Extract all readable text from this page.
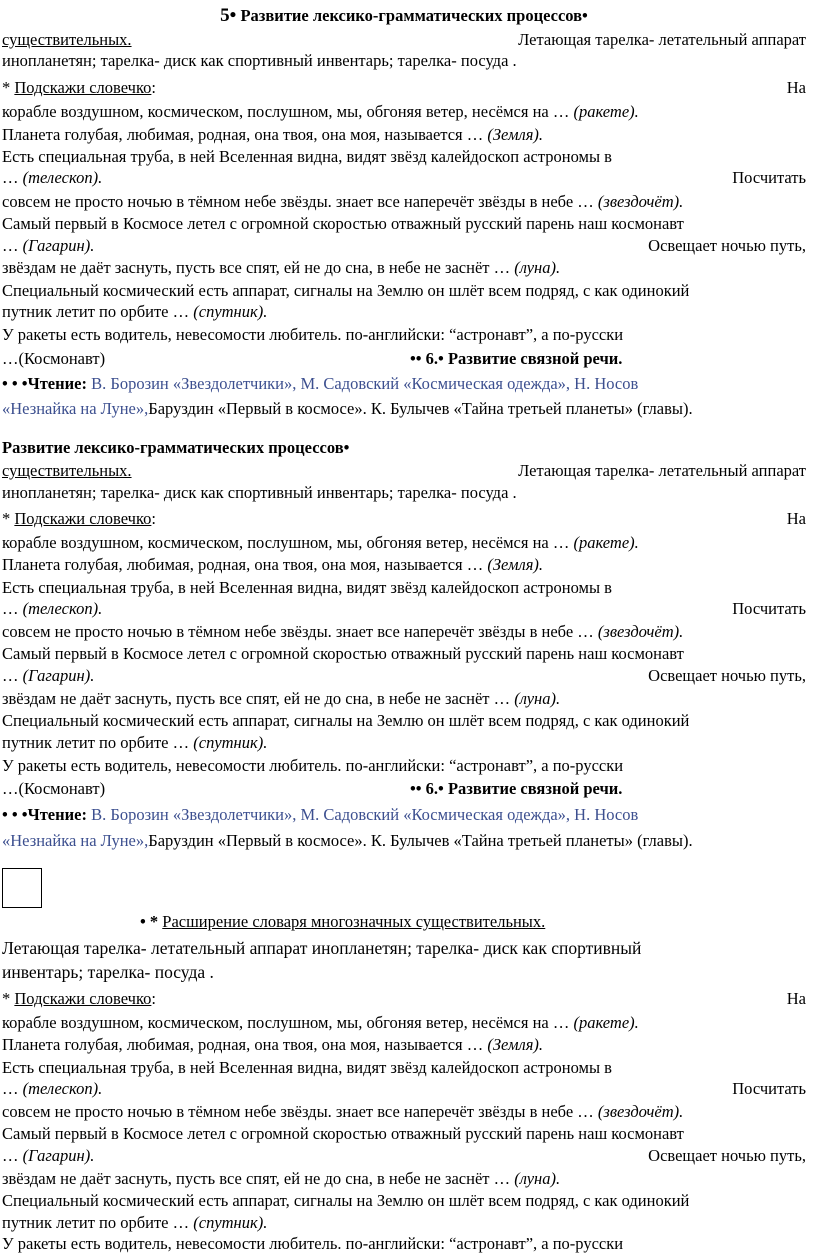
5• Развитие лексико-грамматических процессов•
существительных.	Летающая тарелка- летательный аппарат
инопланетян; тарелка- диск как спортивный инвентарь; тарелка- посуда .
* Подскажи словечко:	На
корабле воздушном, космическом, послушном, мы, обгоняя ветер, несёмся на … (ракете).
Планета голубая, любимая, родная, она твоя, она моя, называется … (Земля).
Есть специальная труба, в ней Вселенная видна, видят звёзд калейдоскоп астрономы в
… (телескоп).	Посчитать
совсем не просто ночью в тёмном небе звёзды. знает все наперечёт звёзды в небе … (звездочёт).
Самый первый в Космосе летел с огромной скоростью отважный русский парень наш космонавт
… (Гагарин).	Освещает ночью путь,
звёздам не даёт заснуть, пусть все спят, ей не до сна, в небе не заснёт … (луна).
Специальный космический есть аппарат, сигналы на Землю он шлёт всем подряд, с как одинокий
путник летит по орбите … (спутник).
У ракеты есть водитель, невесомости любитель. по-английски: “астронавт”, а по-русски
…(Космонавт)	•• 6.• Развитие связной речи.
• • •Чтение: В. Борозин «Звездолетчики», М. Садовский «Космическая одежда», Н. Носов
«Незнайка на Луне»,Баруздин «Первый в космосе». К. Булычев «Тайна третьей планеты» (главы).
Развитие лексико-грамматических процессов•
существительных.	Летающая тарелка- летательный аппарат
инопланетян; тарелка- диск как спортивный инвентарь; тарелка- посуда .
* Подскажи словечко:	На
корабле воздушном, космическом, послушном, мы, обгоняя ветер, несёмся на … (ракете).
Планета голубая, любимая, родная, она твоя, она моя, называется … (Земля).
Есть специальная труба, в ней Вселенная видна, видят звёзд калейдоскоп астрономы в
… (телескоп).	Посчитать
совсем не просто ночью в тёмном небе звёзды. знает все наперечёт звёзды в небе … (звездочёт).
Самый первый в Космосе летел с огромной скоростью отважный русский парень наш космонавт
… (Гагарин).	Освещает ночью путь,
звёздам не даёт заснуть, пусть все спят, ей не до сна, в небе не заснёт … (луна).
Специальный космический есть аппарат, сигналы на Землю он шлёт всем подряд, с как одинокий
путник летит по орбите … (спутник).
У ракеты есть водитель, невесомости любитель. по-английски: “астронавт”, а по-русски
…(Космонавт)	•• 6.• Развитие связной речи.
• • •Чтение: В. Борозин «Звездолетчики», М. Садовский «Космическая одежда», Н. Носов
«Незнайка на Луне»,Баруздин «Первый в космосе». К. Булычев «Тайна третьей планеты» (главы).
• * Расширение словаря многозначных существительных.
Летающая тарелка- летательный аппарат инопланетян; тарелка- диск как спортивный
инвентарь; тарелка- посуда .
* Подскажи словечко:	На
корабле воздушном, космическом, послушном, мы, обгоняя ветер, несёмся на … (ракете).
Планета голубая, любимая, родная, она твоя, она моя, называется … (Земля).
Есть специальная труба, в ней Вселенная видна, видят звёзд калейдоскоп астрономы в
… (телескоп).	Посчитать
совсем не просто ночью в тёмном небе звёзды. знает все наперечёт звёзды в небе … (звездочёт).
Самый первый в Космосе летел с огромной скоростью отважный русский парень наш космонавт
… (Гагарин).	Освещает ночью путь,
звёздам не даёт заснуть, пусть все спят, ей не до сна, в небе не заснёт … (луна).
Специальный космический есть аппарат, сигналы на Землю он шлёт всем подряд, с как одинокий
путник летит по орбите … (спутник).
У ракеты есть водитель, невесомости любитель. по-английски: “астронавт”, а по-русски
